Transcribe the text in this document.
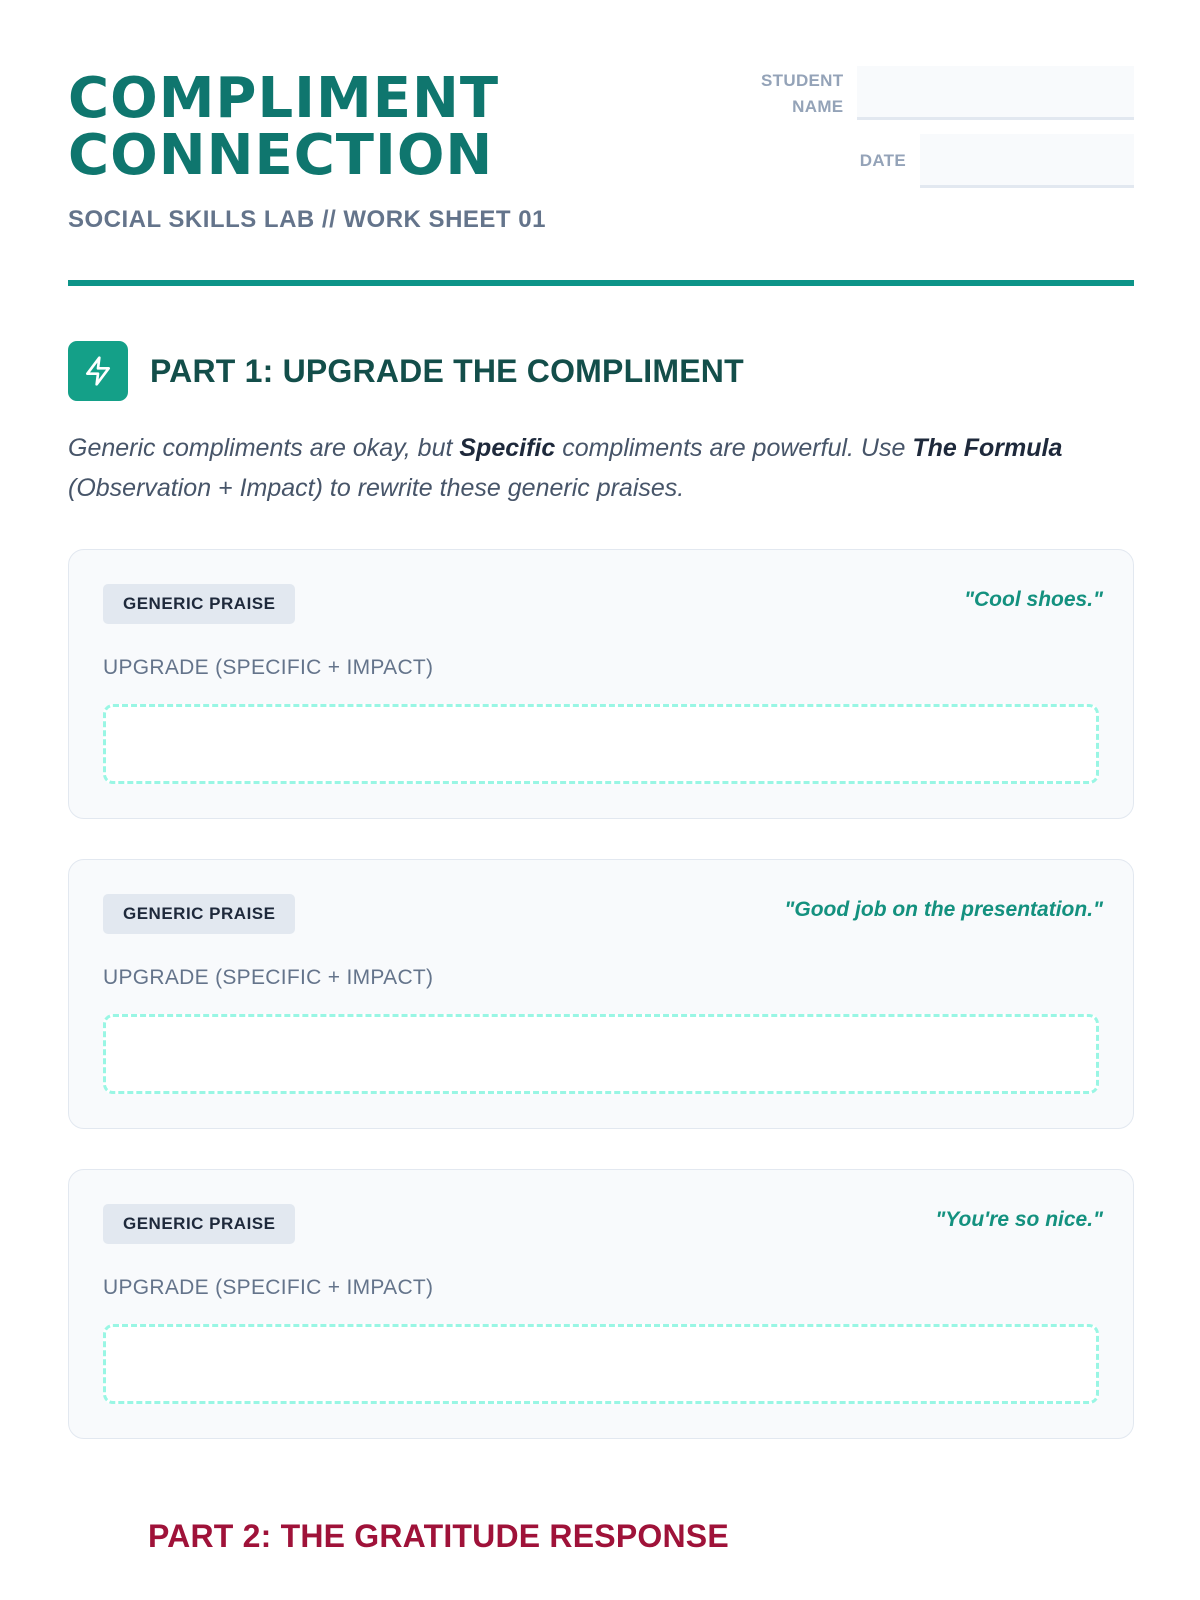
COMPLIMENT
CONNECTION
SOCIAL SKILLS LAB // WORK SHEET 01
STUDENT
NAME
DATE
PART 1: UPGRADE THE COMPLIMENT
Generic compliments are okay, but Specific compliments are powerful. Use The Formula (Observation + Impact) to rewrite these generic praises.
GENERIC PRAISE	"Cool shoes."
UPGRADE (SPECIFIC + IMPACT)
GENERIC PRAISE	"Good job on the presentation."
UPGRADE (SPECIFIC + IMPACT)
GENERIC PRAISE	"You're so nice."
UPGRADE (SPECIFIC + IMPACT)
PART 2: THE GRATITUDE RESPONSE
